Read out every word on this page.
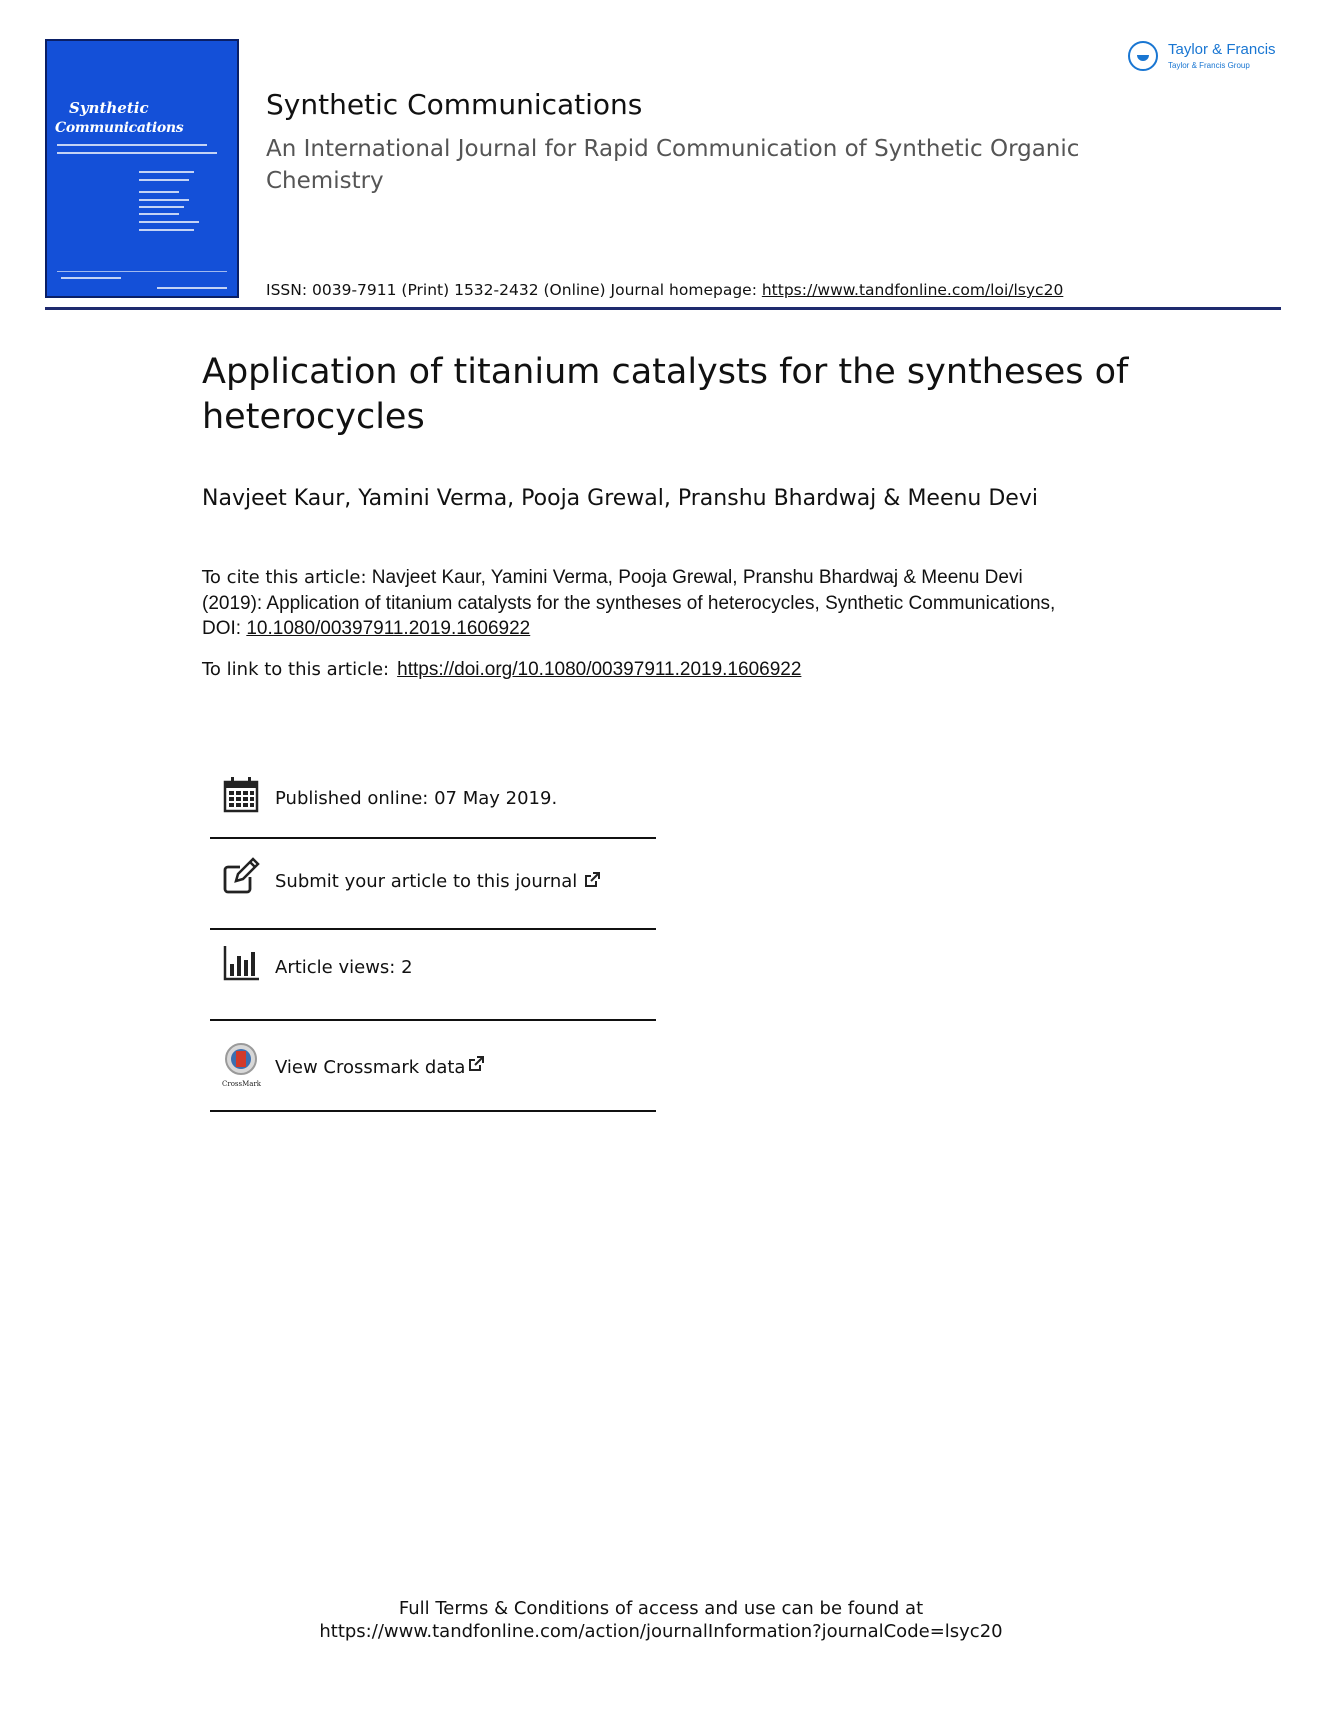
Synthetic
Communications
Taylor & Francis
Taylor & Francis Group
Synthetic Communications
An International Journal for Rapid Communication of Synthetic Organic Chemistry
ISSN: 0039-7911 (Print) 1532-2432 (Online) Journal homepage: https://www.tandfonline.com/loi/lsyc20
Application of titanium catalysts for the syntheses of heterocycles
Navjeet Kaur, Yamini Verma, Pooja Grewal, Pranshu Bhardwaj & Meenu Devi
To cite this article: Navjeet Kaur, Yamini Verma, Pooja Grewal, Pranshu Bhardwaj & Meenu Devi (2019): Application of titanium catalysts for the syntheses of heterocycles, Synthetic Communications, DOI: 10.1080/00397911.2019.1606922
To link to this article: https://doi.org/10.1080/00397911.2019.1606922
Published online: 07 May 2019.
Submit your article to this journal
Article views: 2
CrossMark
View Crossmark data
Full Terms & Conditions of access and use can be found at
https://www.tandfonline.com/action/journalInformation?journalCode=lsyc20
